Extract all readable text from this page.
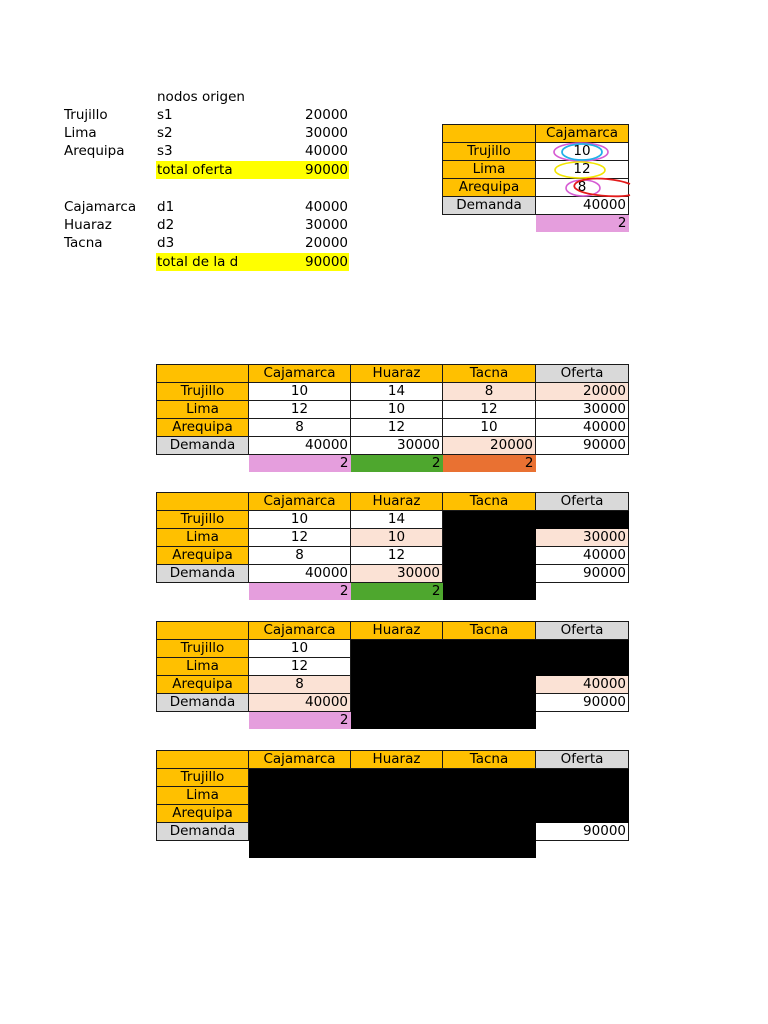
nodos origen
Trujillo	s1	20000
Lima	s2	30000
Arequipa s3	40000
total oferta	90000
Cajamarca d1	40000
Huaraz	d2	30000
Tacna	d3	20000
total de la d	90000
	Cajamarca
Trujillo	10
Lima	12
Arequipa	8
Demanda	40000
	2
	Cajamarca	Huaraz	Tacna	Oferta
Trujillo	10	14	8	20000
Lima	12	10	12	30000
Arequipa	8	12	10	40000
Demanda	40000	30000	20000	90000
	2	2	2	
	Cajamarca	Huaraz	Tacna	Oferta
Trujillo	10	14		
Lima	12	10		30000
Arequipa	8	12		40000
Demanda	40000	30000		90000
	2	2		
	Cajamarca	Huaraz	Tacna	Oferta
Trujillo	10			
Lima	12			
Arequipa	8			40000
Demanda	40000			90000
	2			
	Cajamarca	Huaraz	Tacna	Oferta
Trujillo				
Lima				
Arequipa				
Demanda				90000
